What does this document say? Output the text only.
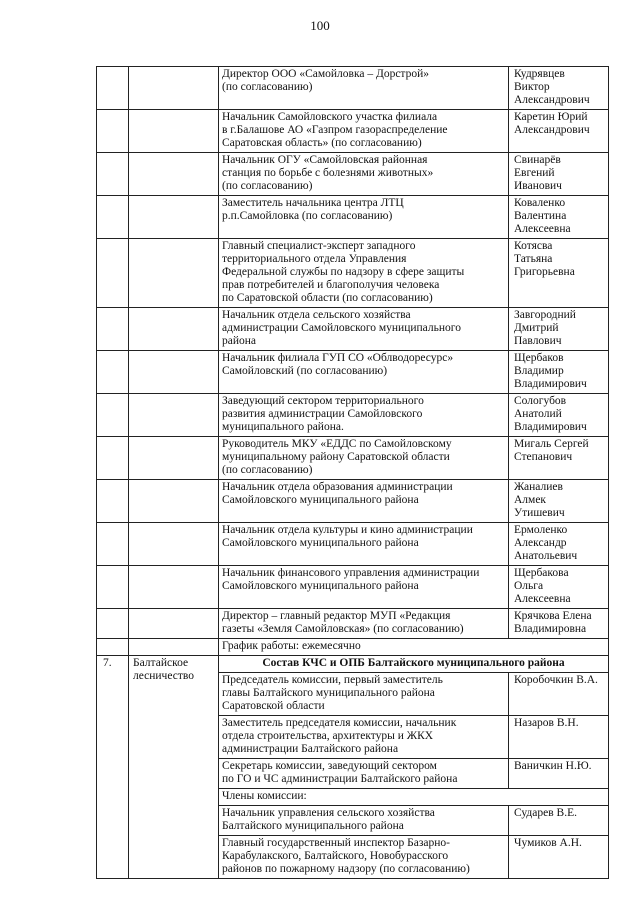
100
		Директор ООО «Самойловка – Дорстрой»
(по согласованию)	Кудрявцев
Виктор
Александрович
		Начальник Самойловского участка филиала
в г.Балашове АО «Газпром газораспределение
Саратовская область» (по согласованию)	Каретин Юрий
Александрович
		Начальник ОГУ «Самойловская районная
станция по борьбе с болезнями животных»
(по согласованию)	Свинарёв
Евгений
Иванович
		Заместитель начальника центра ЛТЦ
р.п.Самойловка (по согласованию)	Коваленко
Валентина
Алексеевна
		Главный специалист-эксперт западного
территориального отдела Управления
Федеральной службы по надзору в сфере защиты
прав потребителей и благополучия человека
по Саратовской области (по согласованию)	Котясва
Татьяна
Григорьевна
		Начальник отдела сельского хозяйства
администрации Самойловского муниципального
района	Завгородний
Дмитрий
Павлович
		Начальник филиала ГУП СО «Облводоресурс»
Самойловский (по согласованию)	Щербаков
Владимир
Владимирович
		Заведующий сектором территориального
развития администрации Самойловского
муниципального района.	Сологубов
Анатолий
Владимирович
		Руководитель МКУ «ЕДДС по Самойловскому
муниципальному району Саратовской области
(по согласованию)	Мигаль Сергей
Степанович
		Начальник отдела образования администрации
Самойловского муниципального района	Жаналиев
Алмек
Утишевич
		Начальник отдела культуры и кино администрации
Самойловского муниципального района	Ермоленко
Александр
Анатольевич
		Начальник финансового управления администрации
Самойловского муниципального района	Щербакова
Ольга
Алексеевна
		Директор – главный редактор МУП «Редакция
газеты «Земля Самойловская» (по согласованию)	Крячкова Елена
Владимировна
		График работы: ежемесячно	
7.	Балтайское
лесничество	Состав КЧС и ОПБ Балтайского муниципального района	
		Председатель комиссии, первый заместитель
главы Балтайского муниципального района
Саратовской области	Коробочкин В.А.
		Заместитель председателя комиссии, начальник
отдела строительства, архитектуры и ЖКХ
администрации Балтайского района	Назаров В.Н.
		Секретарь комиссии, заведующий сектором
по ГО и ЧС администрации Балтайского района	Ваничкин Н.Ю.
		Члены комиссии:	
		Начальник управления сельского хозяйства
Балтайского муниципального района	Сударев В.Е.
		Главный государственный инспектор Базарно-
Карабулакского, Балтайского, Новобурасского
районов по пожарному надзору (по согласованию)	Чумиков А.Н.
